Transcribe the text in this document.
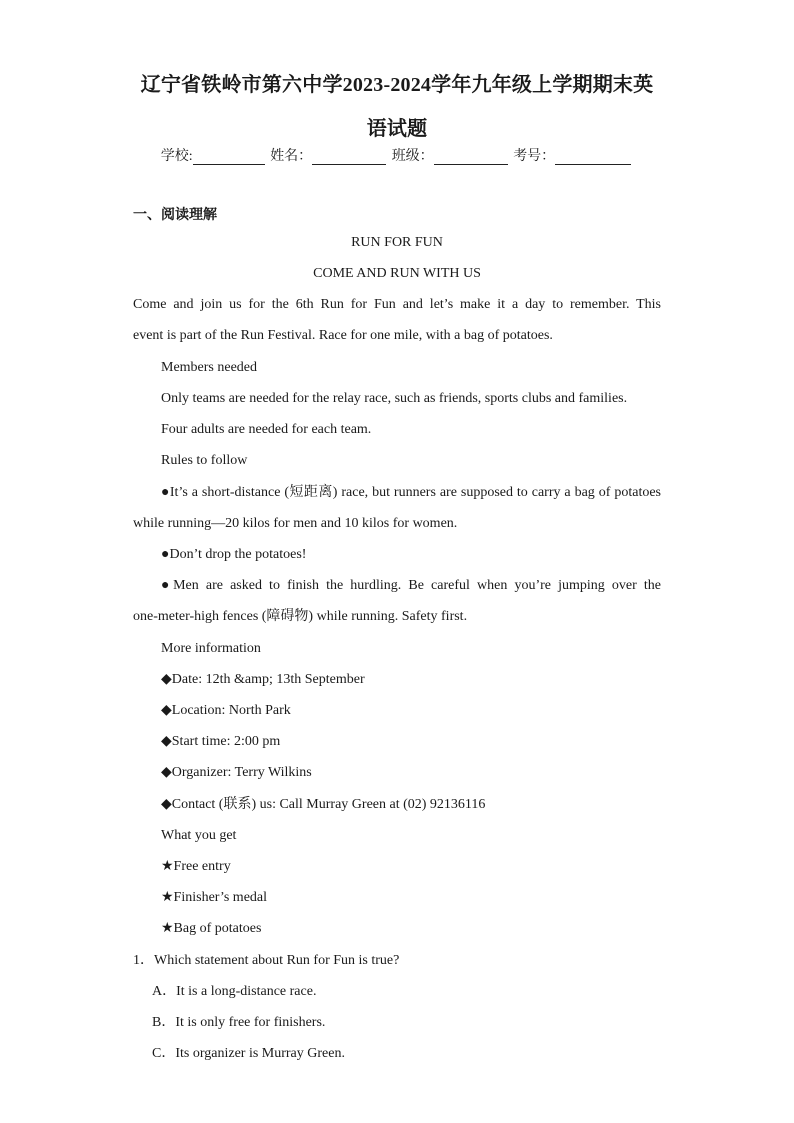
辽宁省铁岭市第六中学2023-2024学年九年级上学期期末英
语试题
学校:	姓名：	班级：	考号：
一、阅读理解
RUN FOR FUN
COME AND RUN WITH US
Come and join us for the 6th Run for Fun and let’s make it a day to remember. This
event is part of the Run Festival. Race for one mile, with a bag of potatoes.
Members needed
Only teams are needed for the relay race, such as friends, sports clubs and families.
Four adults are needed for each team.
Rules to follow
●It’s a short-distance (短距离) race, but runners are supposed to carry a bag of potatoes
while running—20 kilos for men and 10 kilos for women.
●Don’t drop the potatoes!
●Men are asked to finish the hurdling. Be careful when you’re jumping over the
one-meter-high fences (障碍物) while running. Safety first.
More information
◆Date: 12th &amp; 13th September
◆Location: North Park
◆Start time: 2:00 pm
◆Organizer: Terry Wilkins
◆Contact (联系) us: Call Murray Green at (02) 92136116
What you get
★Free entry
★Finisher’s medal
★Bag of potatoes
1．Which statement about Run for Fun is true?
A．It is a long-distance race.
B．It is only free for finishers.
C．Its organizer is Murray Green.
